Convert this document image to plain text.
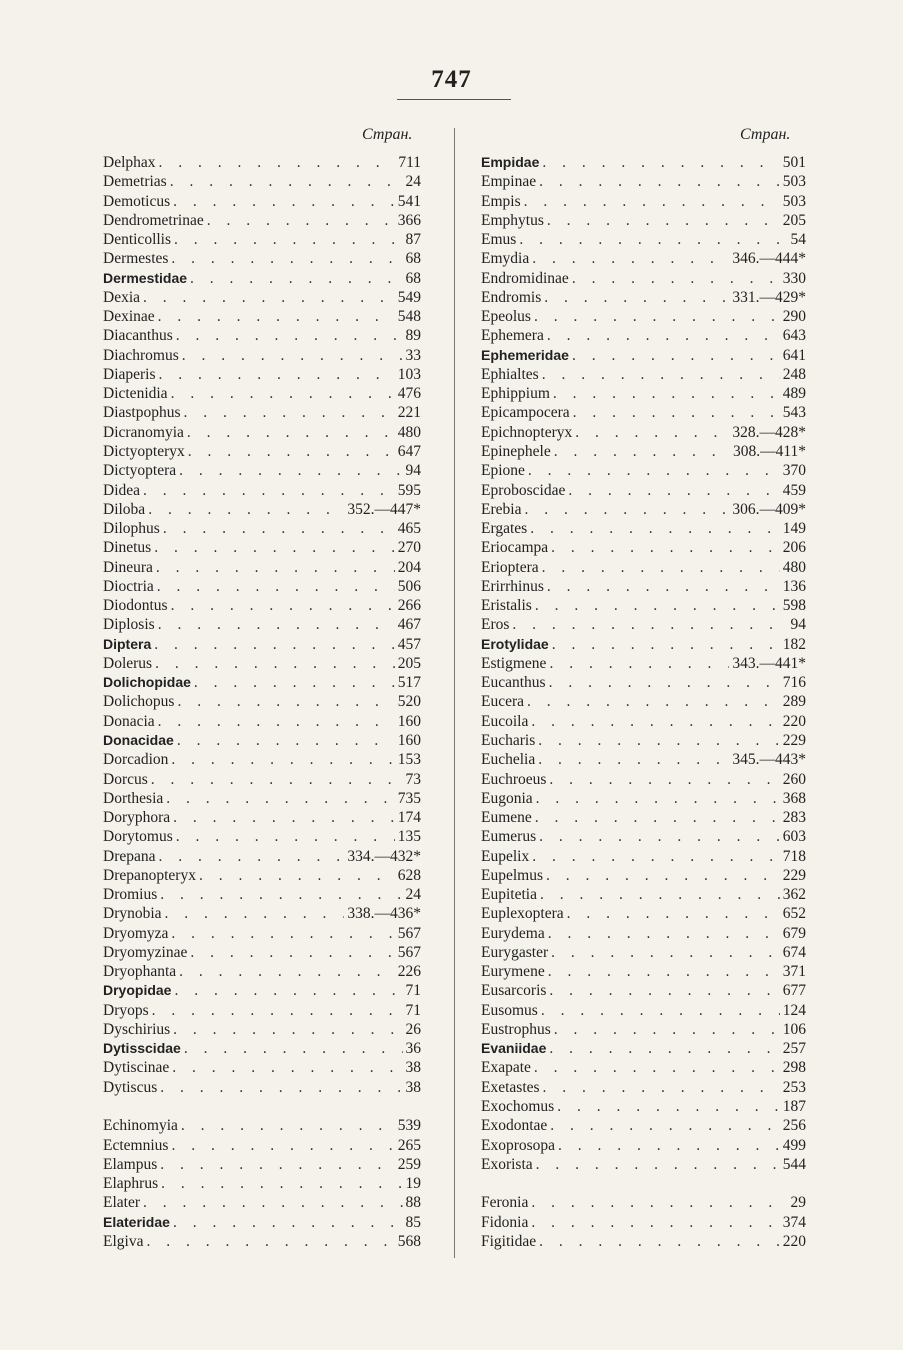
747
Стран.	Стран.
Delphax . . .	711
Demetrias . . .	24
Demoticus . . .	541
Dendrometrinae . . .	366
Denticollis . . .	87
Dermestes . . .	68
Dermestidae . . .	68
Dexia . . .	549
Dexinae . . .	548
Diacanthus . . .	89
Diachromus . . .	33
Diaperis . . .	103
Dictenidia . . .	476
Diastpophus . . .	221
Dicranomyia . . .	480
Dictyopteryx . . .	647
Dictyoptera . . .	94
Didea . . .	595
Diloba . . .	352.—447*
Dilophus . . .	465
Dinetus . . .	270
Dineura . . .	204
Dioctria . . .	506
Diodontus . . .	266
Diplosis . . .	467
Diptera . . .	457
Dolerus . . .	205
Dolichopidae . . .	517
Dolichopus . . .	520
Donacia . . .	160
Donacidae . . .	160
Dorcadion . . .	153
Dorcus . . .	73
Dorthesia . . .	735
Doryphora . . .	174
Dorytomus . . .	135
Drepana . . .	334.—432*
Drepanopteryx . . .	628
Dromius . . .	24
Drynobia . . .	338.—436*
Dryomyza . . .	567
Dryomyzinae . . .	567
Dryophanta . . .	226
Dryopidae . . .	71
Dryops . . .	71
Dyschirius . . .	26
Dytisscidae . . .	36
Dytiscinae . . .	38
Dytiscus . . .	38
Echinomyia . . .	539
Ectemnius . . .	265
Elampus . . .	259
Elaphrus . . .	19
Elater . . .	88
Elateridae . . .	85
Elgiva . . .	568
Empidae . . .	501
Empinae . . .	503
Empis . . .	503
Emphytus . . .	205
Emus . . .	54
Emydia . . .	346.—444*
Endromidinae . . .	330
Endromis . . .	331.—429*
Epeolus . . .	290
Ephemera . . .	643
Ephemeridae . . .	641
Ephialtes . . .	248
Ephippium . . .	489
Epicampocera . . .	543
Epichnopteryx . . .	328.—428*
Epinephele . . .	308.—411*
Epione . . .	370
Eproboscidae . . .	459
Erebia . . .	306.—409*
Ergates . . .	149
Eriocampa . . .	206
Erioptera . . .	480
Erirrhinus . . .	136
Eristalis . . .	598
Eros . . .	94
Erotylidae . . .	182
Estigmene . . .	343.—441*
Eucanthus . . .	716
Eucera . . .	289
Eucoila . . .	220
Eucharis . . .	229
Euchelia . . .	345.—443*
Euchroeus . . .	260
Eugonia . . .	368
Eumene . . .	283
Eumerus . . .	603
Eupelix . . .	718
Eupelmus . . .	229
Eupitetia . . .	362
Euplexoptera . . .	652
Eurydema . . .	679
Eurygaster . . .	674
Eurymene . . .	371
Eusarcoris . . .	677
Eusomus . . .	124
Eustrophus . . .	106
Evaniidae . . .	257
Exapate . . .	298
Exetastes . . .	253
Exochomus . . .	187
Exodontae . . .	256
Exoprosopa . . .	499
Exorista . . .	544
Feronia . . .	29
Fidonia . . .	374
Figitidae . . .	220
